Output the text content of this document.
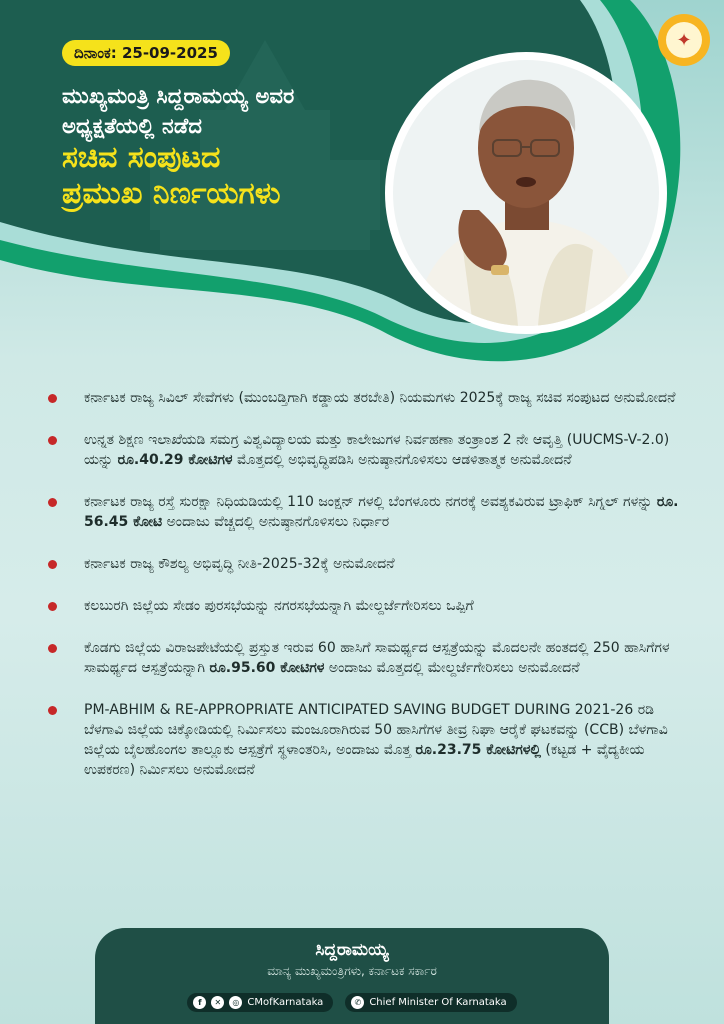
ದಿನಾಂಕ: 25-09-2025
ಮುಖ್ಯಮಂತ್ರಿ ಸಿದ್ದರಾಮಯ್ಯ ಅವರ
ಅಧ್ಯಕ್ಷತೆಯಲ್ಲಿ ನಡೆದ
ಸಚಿವ ಸಂಪುಟದ
ಪ್ರಮುಖ ನಿರ್ಣಯಗಳು
✦
ಕರ್ನಾಟಕ ರಾಜ್ಯ ಸಿವಿಲ್ ಸೇವೆಗಳು (ಮುಂಬಡ್ತಿಗಾಗಿ ಕಡ್ಡಾಯ ತರಬೇತಿ) ನಿಯಮಗಳು 2025ಕ್ಕೆ ರಾಜ್ಯ ಸಚಿವ ಸಂಪುಟದ ಅನುಮೋದನೆ
ಉನ್ನತ ಶಿಕ್ಷಣ ಇಲಾಖೆಯಡಿ ಸಮಗ್ರ ವಿಶ್ವವಿದ್ಯಾಲಯ ಮತ್ತು ಕಾಲೇಜುಗಳ ನಿರ್ವಹಣಾ ತಂತ್ರಾಂಶ 2 ನೇ ಆವೃತ್ತಿ (UUCMS-V-2.0) ಯನ್ನು ರೂ.40.29 ಕೋಟಿಗಳ ಮೊತ್ತದಲ್ಲಿ ಅಭಿವೃದ್ಧಿಪಡಿಸಿ ಅನುಷ್ಠಾನಗೊಳಿಸಲು ಆಡಳಿತಾತ್ಮಕ ಅನುಮೋದನೆ
ಕರ್ನಾಟಕ ರಾಜ್ಯ ರಸ್ತೆ ಸುರಕ್ಷಾ ನಿಧಿಯಡಿಯಲ್ಲಿ 110 ಜಂಕ್ಷನ್ ಗಳಲ್ಲಿ ಬೆಂಗಳೂರು ನಗರಕ್ಕೆ ಅವಶ್ಯಕವಿರುವ ಟ್ರಾಫಿಕ್ ಸಿಗ್ನಲ್ ಗಳನ್ನು ರೂ. 56.45 ಕೋಟಿ ಅಂದಾಜು ವೆಚ್ಚದಲ್ಲಿ ಅನುಷ್ಠಾನಗೊಳಿಸಲು ನಿರ್ಧಾರ
ಕರ್ನಾಟಕ ರಾಜ್ಯ ಕೌಶಲ್ಯ ಅಭಿವೃದ್ಧಿ ನೀತಿ-2025-32ಕ್ಕೆ ಅನುಮೋದನೆ
ಕಲಬುರಗಿ ಜಿಲ್ಲೆಯ ಸೇಡಂ ಪುರಸಭೆಯನ್ನು ನಗರಸಭೆಯನ್ನಾಗಿ ಮೇಲ್ದರ್ಜೆಗೇರಿಸಲು ಒಪ್ಪಿಗೆ
ಕೊಡಗು ಜಿಲ್ಲೆಯ ವಿರಾಜಪೇಟೆಯಲ್ಲಿ ಪ್ರಸ್ತುತ ಇರುವ 60 ಹಾಸಿಗೆ ಸಾಮರ್ಥ್ಯದ ಆಸ್ಪತ್ರೆಯನ್ನು ಮೊದಲನೇ ಹಂತದಲ್ಲಿ 250 ಹಾಸಿಗೆಗಳ ಸಾಮರ್ಥ್ಯದ ಆಸ್ಪತ್ರೆಯನ್ನಾಗಿ ರೂ.95.60 ಕೋಟಿಗಳ ಅಂದಾಜು ಮೊತ್ತದಲ್ಲಿ ಮೇಲ್ದರ್ಜೆಗೇರಿಸಲು ಅನುಮೋದನೆ
PM-ABHIM & RE-APPROPRIATE ANTICIPATED SAVING BUDGET DURING 2021-26 ರಡಿ ಬೆಳಗಾವಿ ಜಿಲ್ಲೆಯ ಚಿಕ್ಕೋಡಿಯಲ್ಲಿ ನಿರ್ಮಿಸಲು ಮಂಜೂರಾಗಿರುವ 50 ಹಾಸಿಗೆಗಳ ತೀವ್ರ ನಿಘಾ ಆರೈಕೆ ಘಟಕವನ್ನು (CCB) ಬೆಳಗಾವಿ ಜಿಲ್ಲೆಯ ಬೈಲಹೊಂಗಲ ತಾಲ್ಲೂಕು ಆಸ್ಪತ್ರೆಗೆ ಸ್ಥಳಾಂತರಿಸಿ, ಅಂದಾಜು ಮೊತ್ತ ರೂ.23.75 ಕೋಟಿಗಳಲ್ಲಿ (ಕಟ್ಟಡ + ವೈದ್ಯಕೀಯ ಉಪಕರಣ) ನಿರ್ಮಿಸಲು ಅನುಮೋದನೆ
ಸಿದ್ದರಾಮಯ್ಯ
ಮಾನ್ಯ ಮುಖ್ಯಮಂತ್ರಿಗಳು, ಕರ್ನಾಟಕ ಸರ್ಕಾರ
f	✕	◎ CMofKarnataka	✆ Chief Minister Of Karnataka
